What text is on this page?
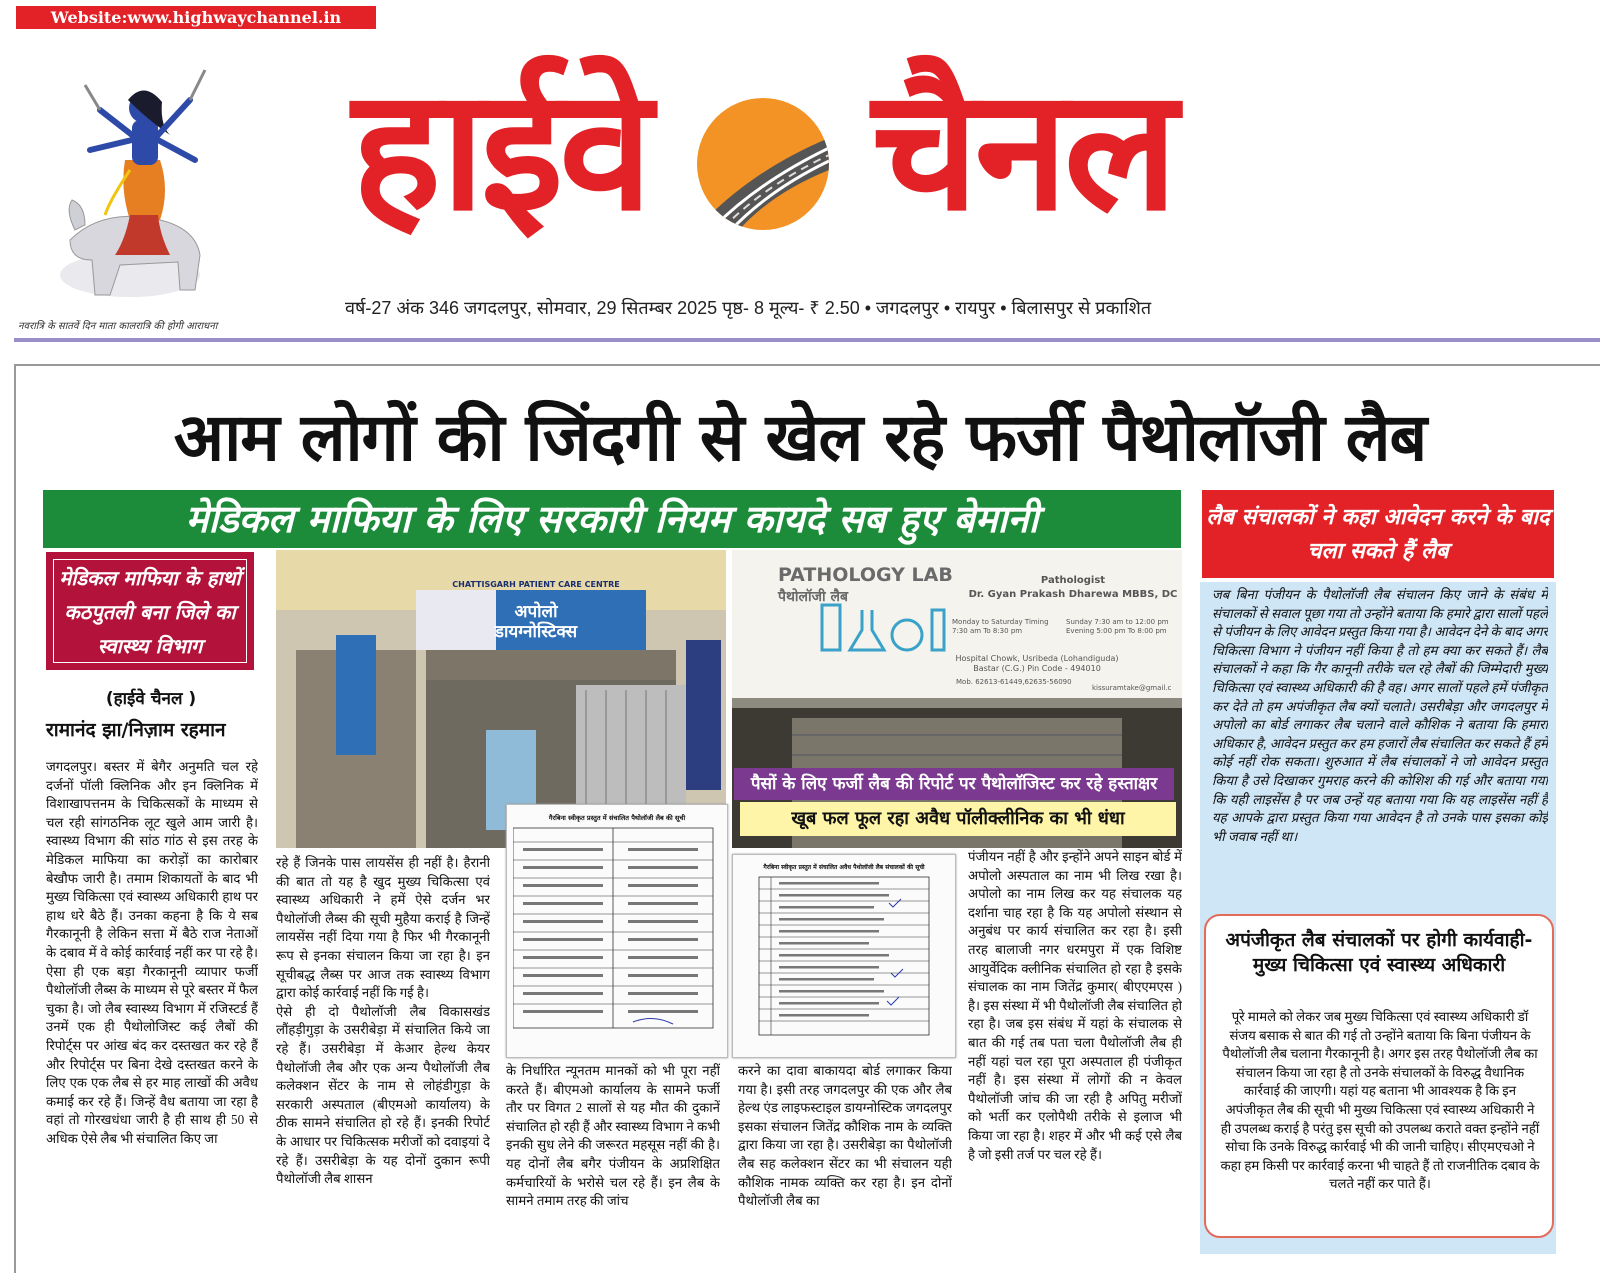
Website:www.highwaychannel.in
नवरात्रि के सातवें दिन माता कालरात्रि की होगी आराधना
हाईवे चैनल
वर्ष-27 अंक 346 जगदलपुर, सोमवार, 29 सितम्बर 2025 पृष्ठ- 8 मूल्य- ₹ 2.50 • जगदलपुर • रायपुर • बिलासपुर से प्रकाशित
आम लोगों की जिंदगी से खेल रहे फर्जी पैथोलॉजी लैब
मेडिकल माफिया के लिए सरकारी नियम कायदे सब हुए बेमानी	लैब संचालकों ने कहा आवेदन करने के बाद चला सकते हैं लैब
मेडिकल माफिया के हाथों कठपुतली बना जिले का स्वास्थ्य विभाग
(हाईवे चैनल )
रामानंद झा/निज़ाम रहमान
जगदलपुर। बस्तर में बेगैर अनुमति चल रहे दर्जनों पॉली क्लिनिक और इन क्लिनिक में विशाखापत्तनम के चिकित्सकों के माध्यम से चल रही सांगठनिक लूट खुले आम जारी है। स्वास्थ्य विभाग की सांठ गांठ से इस तरह के मेडिकल माफिया का करोड़ों का कारोबार बेखौफ जारी है। तमाम शिकायतों के बाद भी मुख्य चिकित्सा एवं स्वास्थ्य अधिकारी हाथ पर हाथ धरे बैठे हैं। उनका कहना है कि ये सब गैरकानूनी है लेकिन सत्ता में बैठे राज नेताओं के दबाव में वे कोई कार्रवाई नहीं कर पा रहे है। ऐसा ही एक बड़ा गैरकानूनी व्यापार फर्जी पैथोलॉजी लैब्स के माध्यम से पूरे बस्तर में फैल चुका है। जो लैब स्वास्थ्य विभाग में रजिस्टर्ड हैं उनमें एक ही पैथोलोजिस्ट कई लैबों की रिपोर्ट्स पर आंख बंद कर दस्तखत कर रहे हैं और रिपोर्ट्स पर बिना देखे दस्तखत करने के लिए एक एक लैब से हर माह लाखों की अवैध कमाई कर रहे हैं। जिन्हें वैध बताया जा रहा है वहां तो गोरखधंधा जारी है ही साथ ही 50 से अधिक ऐसे लैब भी संचालित किए जा
अपोलो
डायग्नोस्टिक्स
CHATTISGARH PATIENT CARE CENTRE	PATHOLOGY LAB
पैथोलॉजी लैब
Pathologist
Dr. Gyan Prakash Dharewa MBBS, DC
Monday to Saturday Timing 7:30 am To 8:30 pm
Sunday 7:30 am to 12:00 pm Evening 5:00 pm To 8:00 pm
Hospital Chowk, Usribeda (Lohandiguda) Bastar (C.G.) Pin Code - 494010
Mob. 62613-61449,62635-56090
kissuramtake@gmail.c
पैसों के लिए फर्जी लैब की रिपोर्ट पर पैथोलॉजिस्ट कर रहे हस्ताक्षर
खूब फल फूल रहा अवैध पॉलीक्लीनिक का भी धंधा
रहे हैं जिनके पास लायसेंस ही नहीं है। हैरानी की बात तो यह है खुद मुख्य चिकित्सा एवं स्वास्थ्य अधिकारी ने हमें ऐसे दर्जन भर पैथोलॉजी लैब्स की सूची मुहैया कराई है जिन्हें लायसेंस नहीं दिया गया है फिर भी गैरकानूनी रूप से इनका संचालन किया जा रहा है। इन सूचीबद्ध लैब्स पर आज तक स्वास्थ्य विभाग द्वारा कोई कार्रवाई नहीं कि गई है।
ऐसे ही दो पैथोलॉजी लैब विकासखंड लौंहड़ीगुड़ा के उसरीबेड़ा में संचालित किये जा रहे हैं। उसरीबेड़ा में केआर हेल्थ केयर पैथोलॉजी लैब और एक अन्य पैथोलॉजी लैब कलेक्शन सेंटर के नाम से लोहंडीगुड़ा के सरकारी अस्पताल (बीएमओ कार्यालय) के ठीक सामने संचालित हो रहे हैं। इनकी रिपोर्ट के आधार पर चिकित्सक मरीजों को दवाइयां दे रहे हैं। उसरीबेड़ा के यह दोनों दुकान रूपी पैथोलॉजी लैब शासन
गैरबिना स्वीकृत प्रस्तुत में संचालित पैथोलॉजी लैब की सूची
गैरबिना स्वीकृत प्रस्तुत में संचालित अवैध पैथोलॉजी लैब संचालकों की सूची
के निर्धारित न्यूनतम मानकों को भी पूरा नहीं करते हैं। बीएमओ कार्यालय के सामने फर्जी तौर पर विगत 2 सालों से यह मौत की दुकानें संचालित हो रही हैं और स्वास्थ्य विभाग ने कभी इनकी सुध लेने की जरूरत महसूस नहीं की है। यह दोनों लैब बगैर पंजीयन के अप्रशिक्षित कर्मचारियों के भरोसे चल रहे हैं। इन लैब के सामने तमाम तरह की जांच
करने का दावा बाकायदा बोर्ड लगाकर किया गया है। इसी तरह जगदलपुर की एक और लैब हेल्थ एंड लाइफस्टाइल डायग्नोस्टिक जगदलपुर इसका संचालन जितेंद्र कौशिक नाम के व्यक्ति द्वारा किया जा रहा है। उसरीबेड़ा का पैथोलॉजी लैब सह कलेक्शन सेंटर का भी संचालन यही कौशिक नामक व्यक्ति कर रहा है। इन दोनों पैथोलॉजी लैब का
पंजीयन नहीं है और इन्होंने अपने साइन बोर्ड में अपोलो अस्पताल का नाम भी लिख रखा है। अपोलो का नाम लिख कर यह संचालक यह दर्शाना चाह रहा है कि यह अपोलो संस्थान से अनुबंध पर कार्य संचालित कर रहा है। इसी तरह बालाजी नगर धरमपुरा में एक विशिष्ट आयुर्वेदिक क्लीनिक संचालित हो रहा है इसके संचालक का नाम जितेंद्र कुमार( बीएएमएस ) है। इस संस्था में भी पैथोलॉजी लैब संचालित हो रहा है। जब इस संबंध में यहां के संचालक से बात की गई तब पता चला पैथोलॉजी लैब ही नहीं यहां चल रहा पूरा अस्पताल ही पंजीकृत नहीं है। इस संस्था में लोगों की न केवल पैथोलॉजी जांच की जा रही है अपितु मरीजों को भर्ती कर एलोपैथी तरीके से इलाज भी किया जा रहा है। शहर में और भी कई एसे लैब है जो इसी तर्ज पर चल रहे हैं।
जब बिना पंजीयन के पैथोलॉजी लैब संचालन किए जाने के संबंध में संचालकों से सवाल पूछा गया तो उन्होंने बताया कि हमारे द्वारा सालों पहले से पंजीयन के लिए आवेदन प्रस्तुत किया गया है। आवेदन देने के बाद अगर चिकित्सा विभाग ने पंजीयन नहीं किया है तो हम क्या कर सकते हैं। लैब संचालकों ने कहा कि गैर कानूनी तरीके चल रहे लैबों की जिम्मेदारी मुख्य चिकित्सा एवं स्वास्थ्य अधिकारी की है वह। अगर सालों पहले हमें पंजीकृत कर देते तो हम अपंजीकृत लैब क्यों चलाते। उसरीबेड़ा और जगदलपुर में अपोलो का बोर्ड लगाकर लैब चलाने वाले कौशिक ने बताया कि हमारा अधिकार है, आवेदन प्रस्तुत कर हम हजारों लैब संचालित कर सकते हैं हमें कोई नहीं रोक सकता। शुरुआत में लैब संचालकों ने जो आवेदन प्रस्तुत किया है उसे दिखाकर गुमराह करने की कोशिश की गई और बताया गया कि यही लाइसेंस है पर जब उन्हें यह बताया गया कि यह लाइसेंस नहीं है यह आपके द्वारा प्रस्तुत किया गया आवेदन है तो उनके पास इसका कोई भी जवाब नहीं था।
अपंजीकृत लैब संचालकों पर होगी कार्यवाही- मुख्य चिकित्सा एवं स्वास्थ्य अधिकारी
पूरे मामले को लेकर जब मुख्य चिकित्सा एवं स्वास्थ्य अधिकारी डॉ संजय बसाक से बात की गई तो उन्होंने बताया कि बिना पंजीयन के पैथोलॉजी लैब चलाना गैरकानूनी है। अगर इस तरह पैथोलॉजी लैब का संचालन किया जा रहा है तो उनके संचालकों के विरुद्ध वैधानिक कार्रवाई की जाएगी। यहां यह बताना भी आवश्यक है कि इन अपंजीकृत लैब की सूची भी मुख्य चिकित्सा एवं स्वास्थ्य अधिकारी ने ही उपलब्ध कराई है परंतु इस सूची को उपलब्ध कराते वक्त इन्होंने नहीं सोचा कि उनके विरुद्ध कार्रवाई भी की जानी चाहिए। सीएमएचओ ने कहा हम किसी पर कार्रवाई करना भी चाहते हैं तो राजनीतिक दबाव के चलते नहीं कर पाते हैं।
